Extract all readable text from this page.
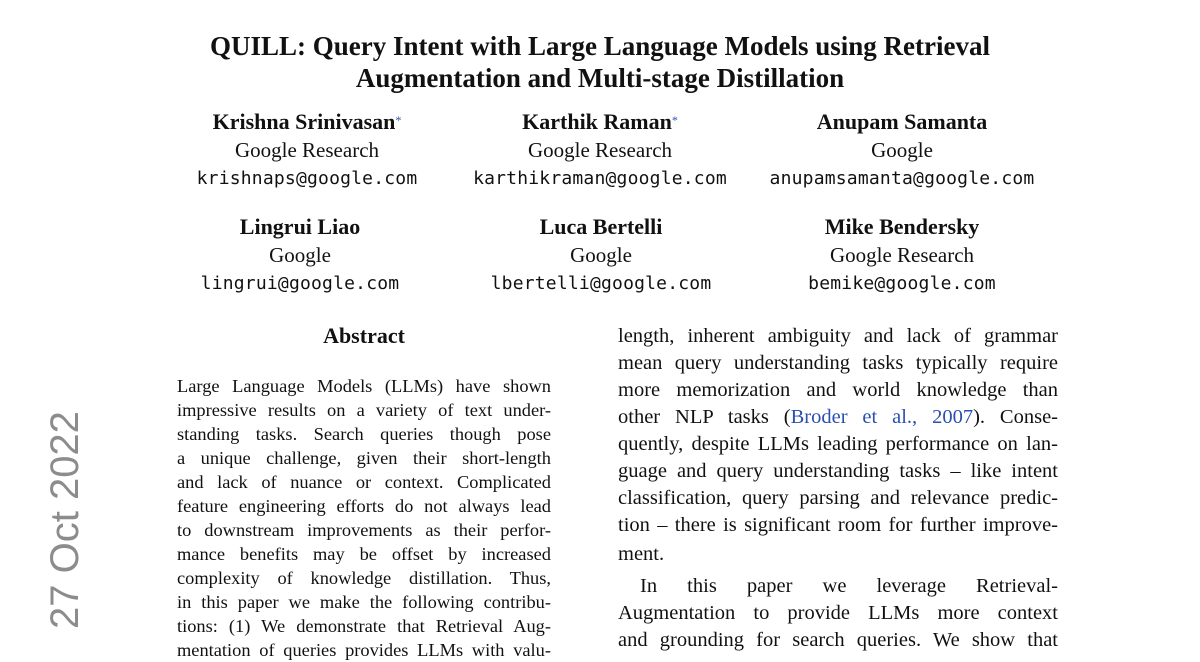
QUILL: Query Intent with Large Language Models using Retrieval
Augmentation and Multi-stage Distillation
Krishna Srinivasan*
Google Research
krishnaps@google.com
Karthik Raman*
Google Research
karthikraman@google.com
Anupam Samanta
Google
anupamsamanta@google.com
Lingrui Liao
Google
lingrui@google.com
Luca Bertelli
Google
lbertelli@google.com
Mike Bendersky
Google Research
bemike@google.com
Abstract
Large Language Models (LLMs) have shown
impressive results on a variety of text under-
standing tasks. Search queries though pose
a unique challenge, given their short-length
and lack of nuance or context. Complicated
feature engineering efforts do not always lead
to downstream improvements as their perfor-
mance benefits may be offset by increased
complexity of knowledge distillation. Thus,
in this paper we make the following contribu-
tions: (1) We demonstrate that Retrieval Aug-
mentation of queries provides LLMs with valu-
length, inherent ambiguity and lack of grammar
mean query understanding tasks typically require
more memorization and world knowledge than
other NLP tasks (Broder et al., 2007). Conse-
quently, despite LLMs leading performance on lan-
guage and query understanding tasks – like intent
classification, query parsing and relevance predic-
tion – there is significant room for further improve-
ment.
In this paper we leverage Retrieval-
Augmentation to provide LLMs more context
and grounding for search queries. We show that
27 Oct 2022
